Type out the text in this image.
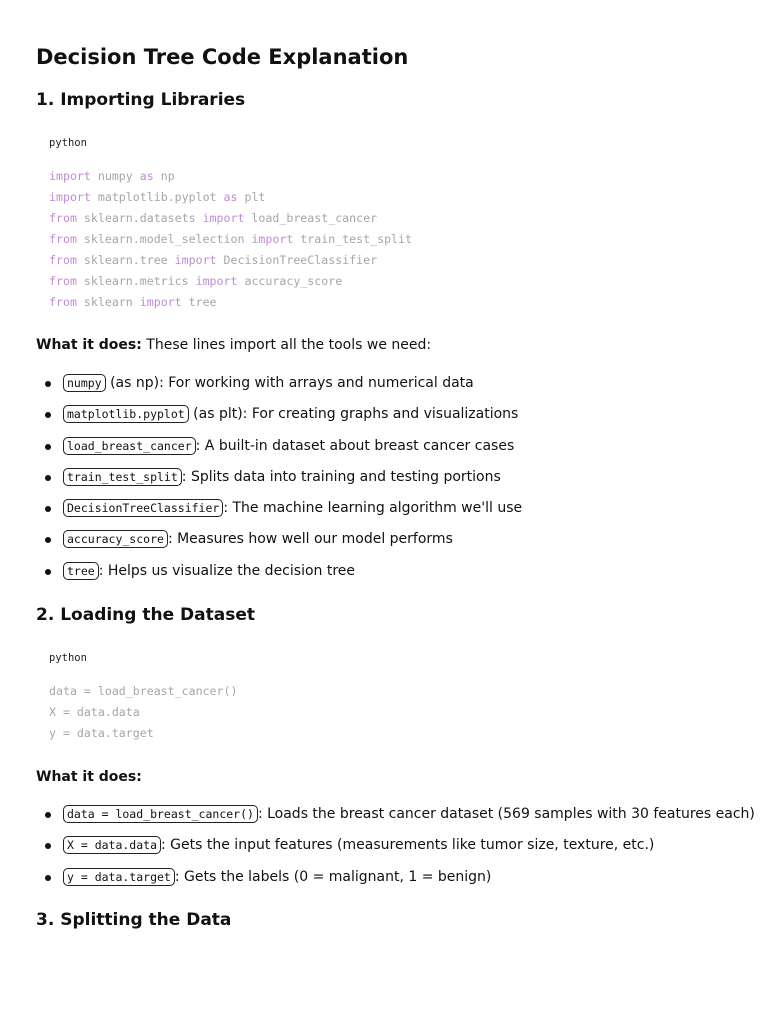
Decision Tree Code Explanation
1. Importing Libraries
python
import numpy as np
import matplotlib.pyplot as plt
from sklearn.datasets import load_breast_cancer
from sklearn.model_selection import train_test_split
from sklearn.tree import DecisionTreeClassifier
from sklearn.metrics import accuracy_score
from sklearn import tree

What it does: These lines import all the tools we need:

numpy (as np): For working with arrays and numerical data
matplotlib.pyplot (as plt): For creating graphs and visualizations
load_breast_cancer : A built-in dataset about breast cancer cases
train_test_split : Splits data into training and testing portions
DecisionTreeClassifier : The machine learning algorithm we'll use
accuracy_score : Measures how well our model performs
tree : Helps us visualize the decision tree
2. Loading the Dataset
python
data = load_breast_cancer()
X = data.data
y = data.target

What it does:

data = load_breast_cancer() : Loads the breast cancer dataset (569 samples with 30 features each)
X = data.data : Gets the input features (measurements like tumor size, texture, etc.)
y = data.target : Gets the labels (0 = malignant, 1 = benign)
3. Splitting the Data
